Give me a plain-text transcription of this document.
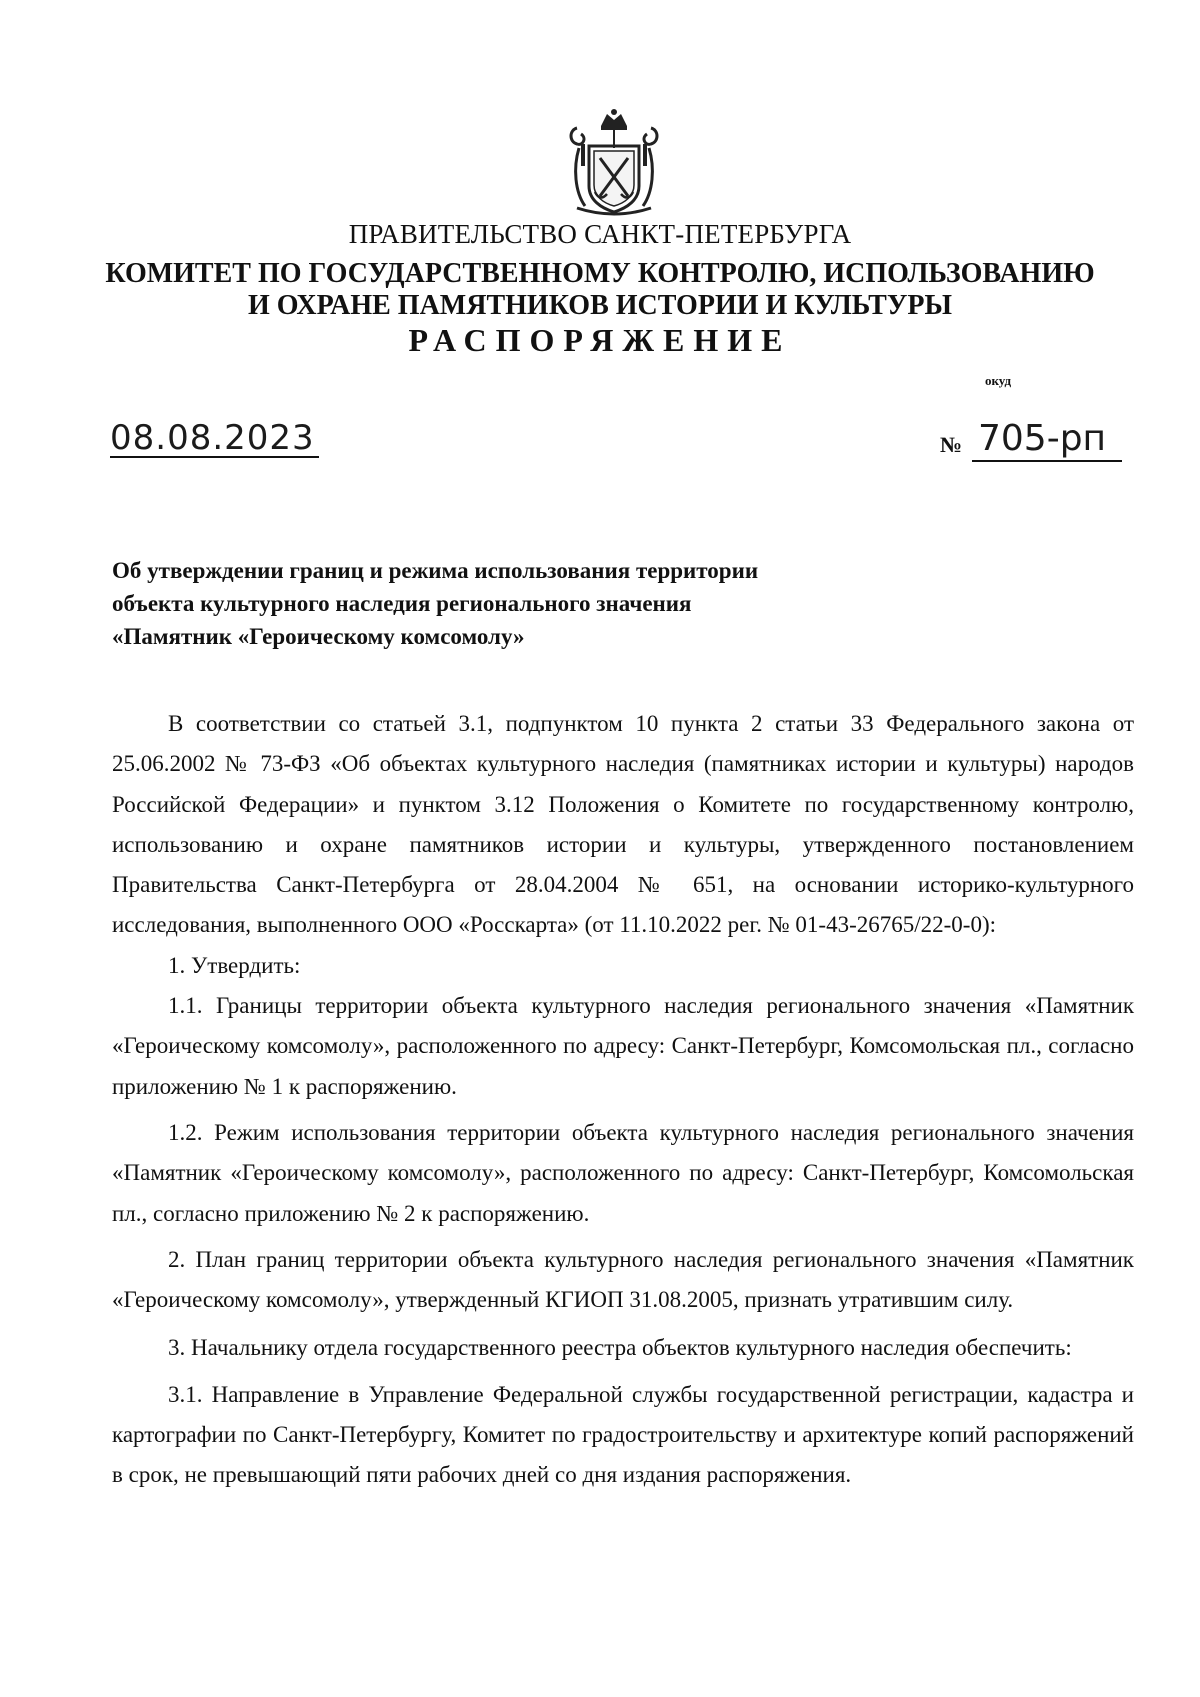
ПРАВИТЕЛЬСТВО САНКТ-ПЕТЕРБУРГА
КОМИТЕТ ПО ГОСУДАРСТВЕННОМУ КОНТРОЛЮ, ИСПОЛЬЗОВАНИЮ
И ОХРАНЕ ПАМЯТНИКОВ ИСТОРИИ И КУЛЬТУРЫ
РАСПОРЯЖЕНИЕ
окуд
08.08.2023	№ 705-рп
Об утверждении границ и режима использования территории
объекта культурного наследия регионального значения
«Памятник «Героическому комсомолу»

В соответствии со статьей 3.1, подпунктом 10 пункта 2 статьи 33 Федерального закона от 25.06.2002 № 73-ФЗ «Об объектах культурного наследия (памятниках истории и культуры) народов Российской Федерации» и пунктом 3.12 Положения о Комитете по государственному контролю, использованию и охране памятников истории и культуры, утвержденного постановлением Правительства Санкт-Петербурга от 28.04.2004 № 651, на основании историко-культурного исследования, выполненного ООО «Росскарта» (от 11.10.2022 рег. № 01-43-26765/22-0-0):

1. Утвердить:

1.1. Границы территории объекта культурного наследия регионального значения «Памятник «Героическому комсомолу», расположенного по адресу: Санкт-Петербург, Комсомольская пл., согласно приложению № 1 к распоряжению.

1.2. Режим использования территории объекта культурного наследия регионального значения «Памятник «Героическому комсомолу», расположенного по адресу: Санкт-Петербург, Комсомольская пл., согласно приложению № 2 к распоряжению.

2. План границ территории объекта культурного наследия регионального значения «Памятник «Героическому комсомолу», утвержденный КГИОП 31.08.2005, признать утратившим силу.

3. Начальнику отдела государственного реестра объектов культурного наследия обеспечить:

3.1. Направление в Управление Федеральной службы государственной регистрации, кадастра и картографии по Санкт-Петербургу, Комитет по градостроительству и архитектуре копий распоряжений в срок, не превышающий пяти рабочих дней со дня издания распоряжения.
